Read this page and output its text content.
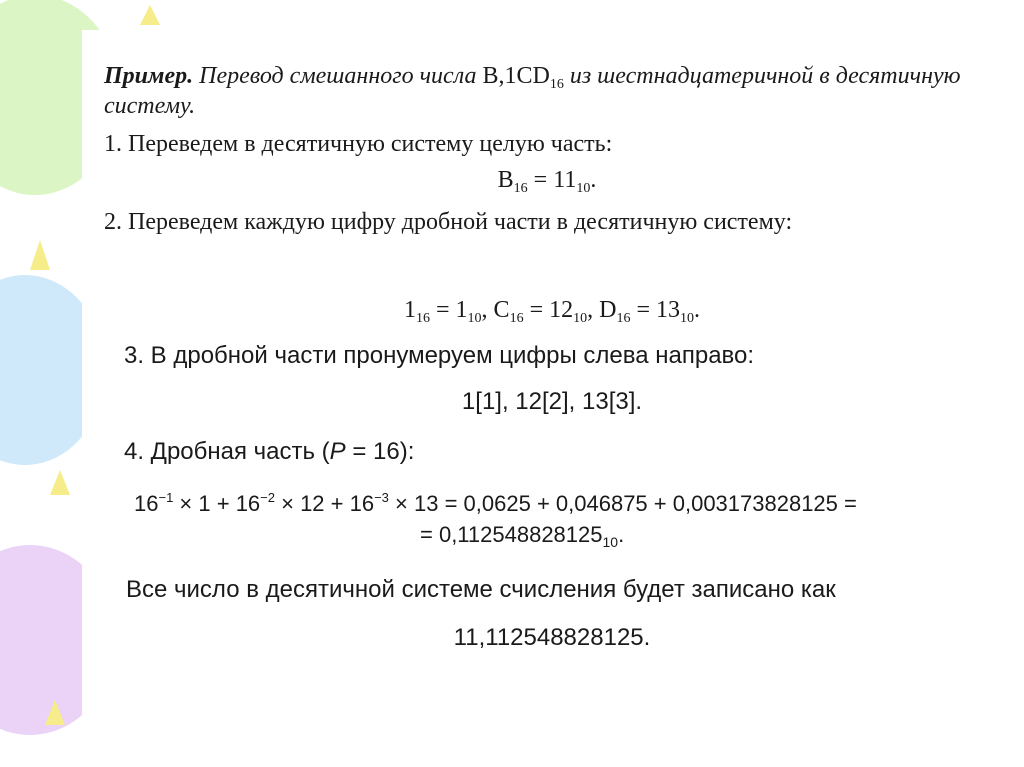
Пример. Перевод смешанного числа $B,1CD_{16}$ из шестнадцатеричной в десятичную
систему.
1. Переведем в десятичную систему целую часть:
$B_{16} = 11_{10}$.
2. Переведем каждую цифру дробной части в десятичную систему:
$1_{16} = 1_{10}$, $C_{16} = 12_{10}$, $D_{16} = 13_{10}$.
3. В дробной части пронумеруем цифры слева направо:
1[1], 12[2], 13[3].
4. Дробная часть (P = 16):
$16^{-1} \times 1 + 16^{-2} \times 12 + 16^{-3} \times 13 = 0,0625 + 0,046875 + 0,003173828125$ =
= $0,112548828125_{10}$.
Все число в десятичной системе счисления будет записано как
11,112548828125.
